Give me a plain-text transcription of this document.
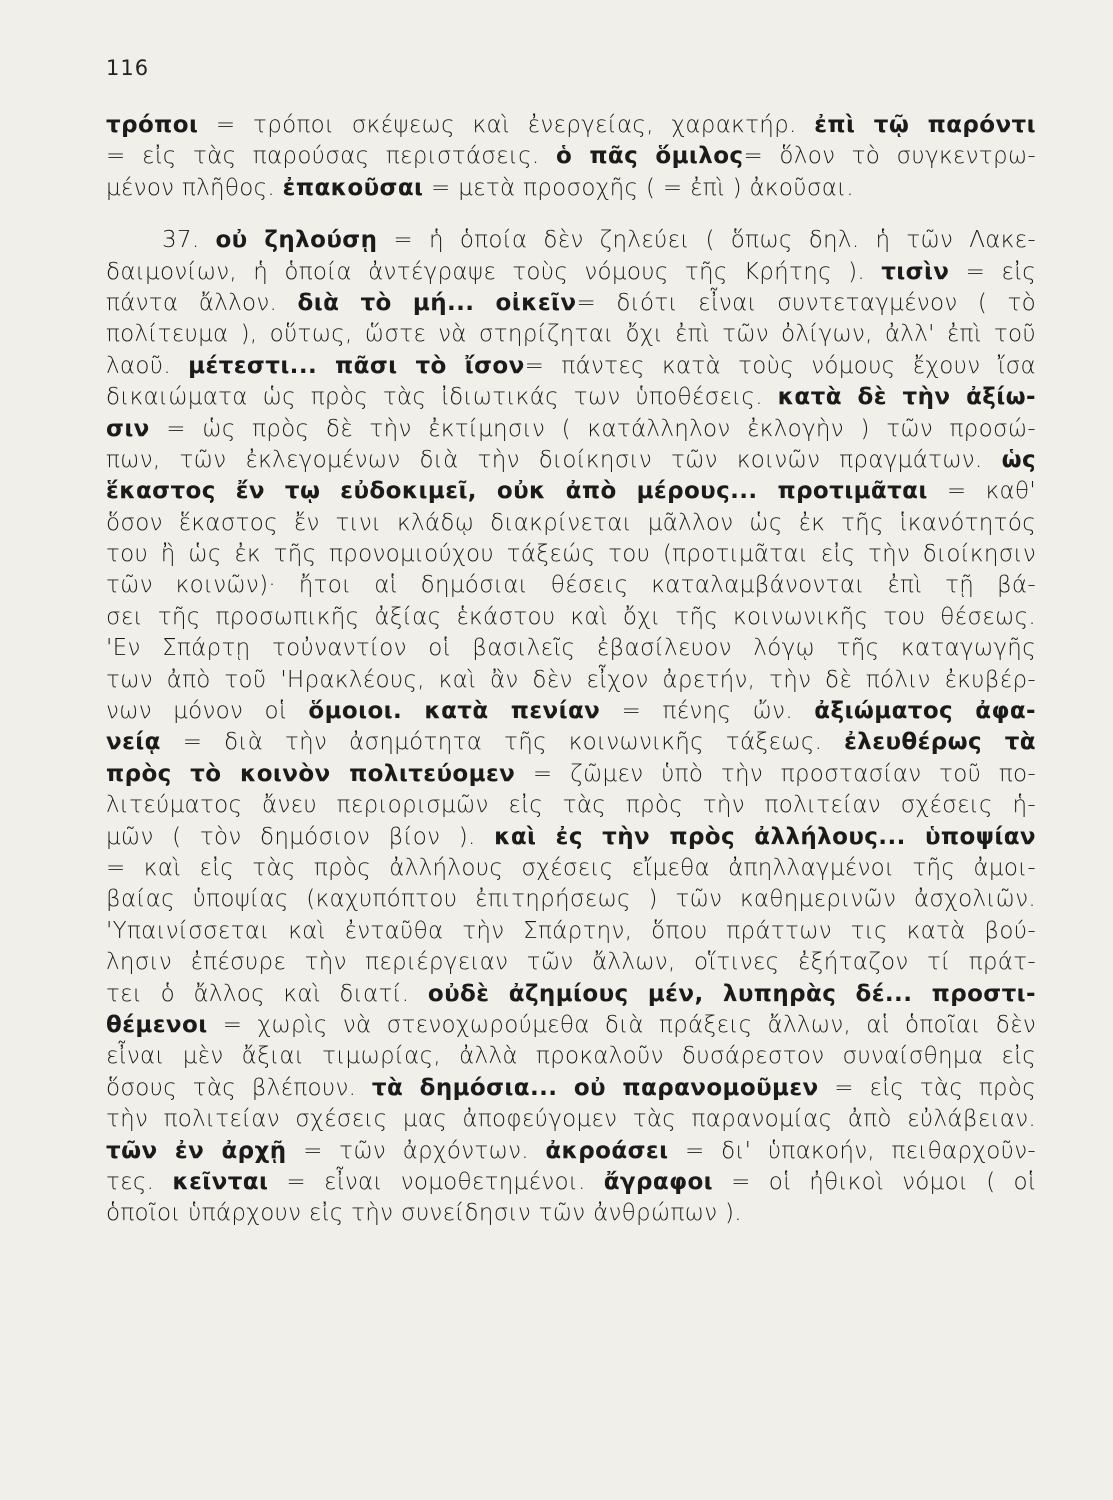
116
τρόποι = τρόποι σκέψεως καὶ ἐνεργείας, χαρακτήρ. ἐπὶ τῷ παρόντι
= εἰς τὰς παρούσας περιστάσεις. ὁ πᾶς ὅμιλος= ὅλον τὸ συγκεντρω-
μένον πλῆθος. ἐπακοῦσαι = μετὰ προσοχῆς ( = ἐπὶ ) ἀκοῦσαι.
37. οὐ ζηλούσῃ = ἡ ὁποία δὲν ζηλεύει ( ὅπως δηλ. ἡ τῶν Λακε-
δαιμονίων, ἡ ὁποία ἀντέγραψε τοὺς νόμους τῆς Κρήτης ). τισὶν = εἰς
πάντα ἄλλον. διὰ τὸ μή... οἰκεῖν= διότι εἶναι συντεταγμένον ( τὸ
πολίτευμα ), οὕτως, ὥστε νὰ στηρίζηται ὄχι ἐπὶ τῶν ὀλίγων, ἀλλ' ἐπὶ τοῦ
λαοῦ. μέτεστι... πᾶσι τὸ ἴσον= πάντες κατὰ τοὺς νόμους ἔχουν ἴσα
δικαιώματα ὡς πρὸς τὰς ἰδιωτικάς των ὑποθέσεις. κατὰ δὲ τὴν ἀξίω-
σιν = ὡς πρὸς δὲ τὴν ἐκτίμησιν ( κατάλληλον ἐκλογὴν ) τῶν προσώ-
πων, τῶν ἐκλεγομένων διὰ τὴν διοίκησιν τῶν κοινῶν πραγμάτων. ὡς
ἕκαστος ἔν τῳ εὐδοκιμεῖ, οὐκ ἀπὸ μέρους... προτιμᾶται = καθ'
ὅσον ἕκαστος ἔν τινι κλάδῳ διακρίνεται μᾶλλον ὡς ἐκ τῆς ἱκανότητός
του ἢ ὡς ἐκ τῆς προνομιούχου τάξεώς του (προτιμᾶται εἰς τὴν διοίκησιν
τῶν κοινῶν)· ἤτοι αἱ δημόσιαι θέσεις καταλαμβάνονται ἐπὶ τῇ βά-
σει τῆς προσωπικῆς ἀξίας ἑκάστου καὶ ὄχι τῆς κοινωνικῆς του θέσεως.
'Εν Σπάρτῃ τοὐναντίον οἱ βασιλεῖς ἐβασίλευον λόγῳ τῆς καταγωγῆς
των ἀπὸ τοῦ 'Ηρακλέους, καὶ ἂν δὲν εἶχον ἀρετήν, τὴν δὲ πόλιν ἐκυβέρ-
νων μόνον οἱ ὅμοιοι. κατὰ πενίαν = πένης ὤν. ἀξιώματος ἀφα-
νείᾳ = διὰ τὴν ἀσημότητα τῆς κοινωνικῆς τάξεως. ἐλευθέρως τὰ
πρὸς τὸ κοινὸν πολιτεύομεν = ζῶμεν ὑπὸ τὴν προστασίαν τοῦ πο-
λιτεύματος ἄνευ περιορισμῶν εἰς τὰς πρὸς τὴν πολιτείαν σχέσεις ἡ-
μῶν ( τὸν δημόσιον βίον ). καὶ ἐς τὴν πρὸς ἀλλήλους... ὑποψίαν
= καὶ εἰς τὰς πρὸς ἀλλήλους σχέσεις εἴμεθα ἀπηλλαγμένοι τῆς ἀμοι-
βαίας ὑποψίας (καχυπόπτου ἐπιτηρήσεως ) τῶν καθημερινῶν ἀσχολιῶν.
'Υπαινίσσεται καὶ ἐνταῦθα τὴν Σπάρτην, ὅπου πράττων τις κατὰ βού-
λησιν ἐπέσυρε τὴν περιέργειαν τῶν ἄλλων, οἵτινες ἐξήταζον τί πράτ-
τει ὁ ἄλλος καὶ διατί. οὐδὲ ἀζημίους μέν, λυπηρὰς δέ... προστι-
θέμενοι = χωρὶς νὰ στενοχωρούμεθα διὰ πράξεις ἄλλων, αἱ ὁποῖαι δὲν
εἶναι μὲν ἄξιαι τιμωρίας, ἀλλὰ προκαλοῦν δυσάρεστον συναίσθημα εἰς
ὅσους τὰς βλέπουν. τὰ δημόσια... οὐ παρανομοῦμεν = εἰς τὰς πρὸς
τὴν πολιτείαν σχέσεις μας ἀποφεύγομεν τὰς παρανομίας ἀπὸ εὐλάβειαν.
τῶν ἐν ἀρχῇ = τῶν ἀρχόντων. ἀκροάσει = δι' ὑπακοήν, πειθαρχοῦν-
τες. κεῖνται = εἶναι νομοθετημένοι. ἄγραφοι = οἱ ἠθικοὶ νόμοι ( οἱ
ὁποῖοι ὑπάρχουν εἰς τὴν συνείδησιν τῶν ἀνθρώπων ).
